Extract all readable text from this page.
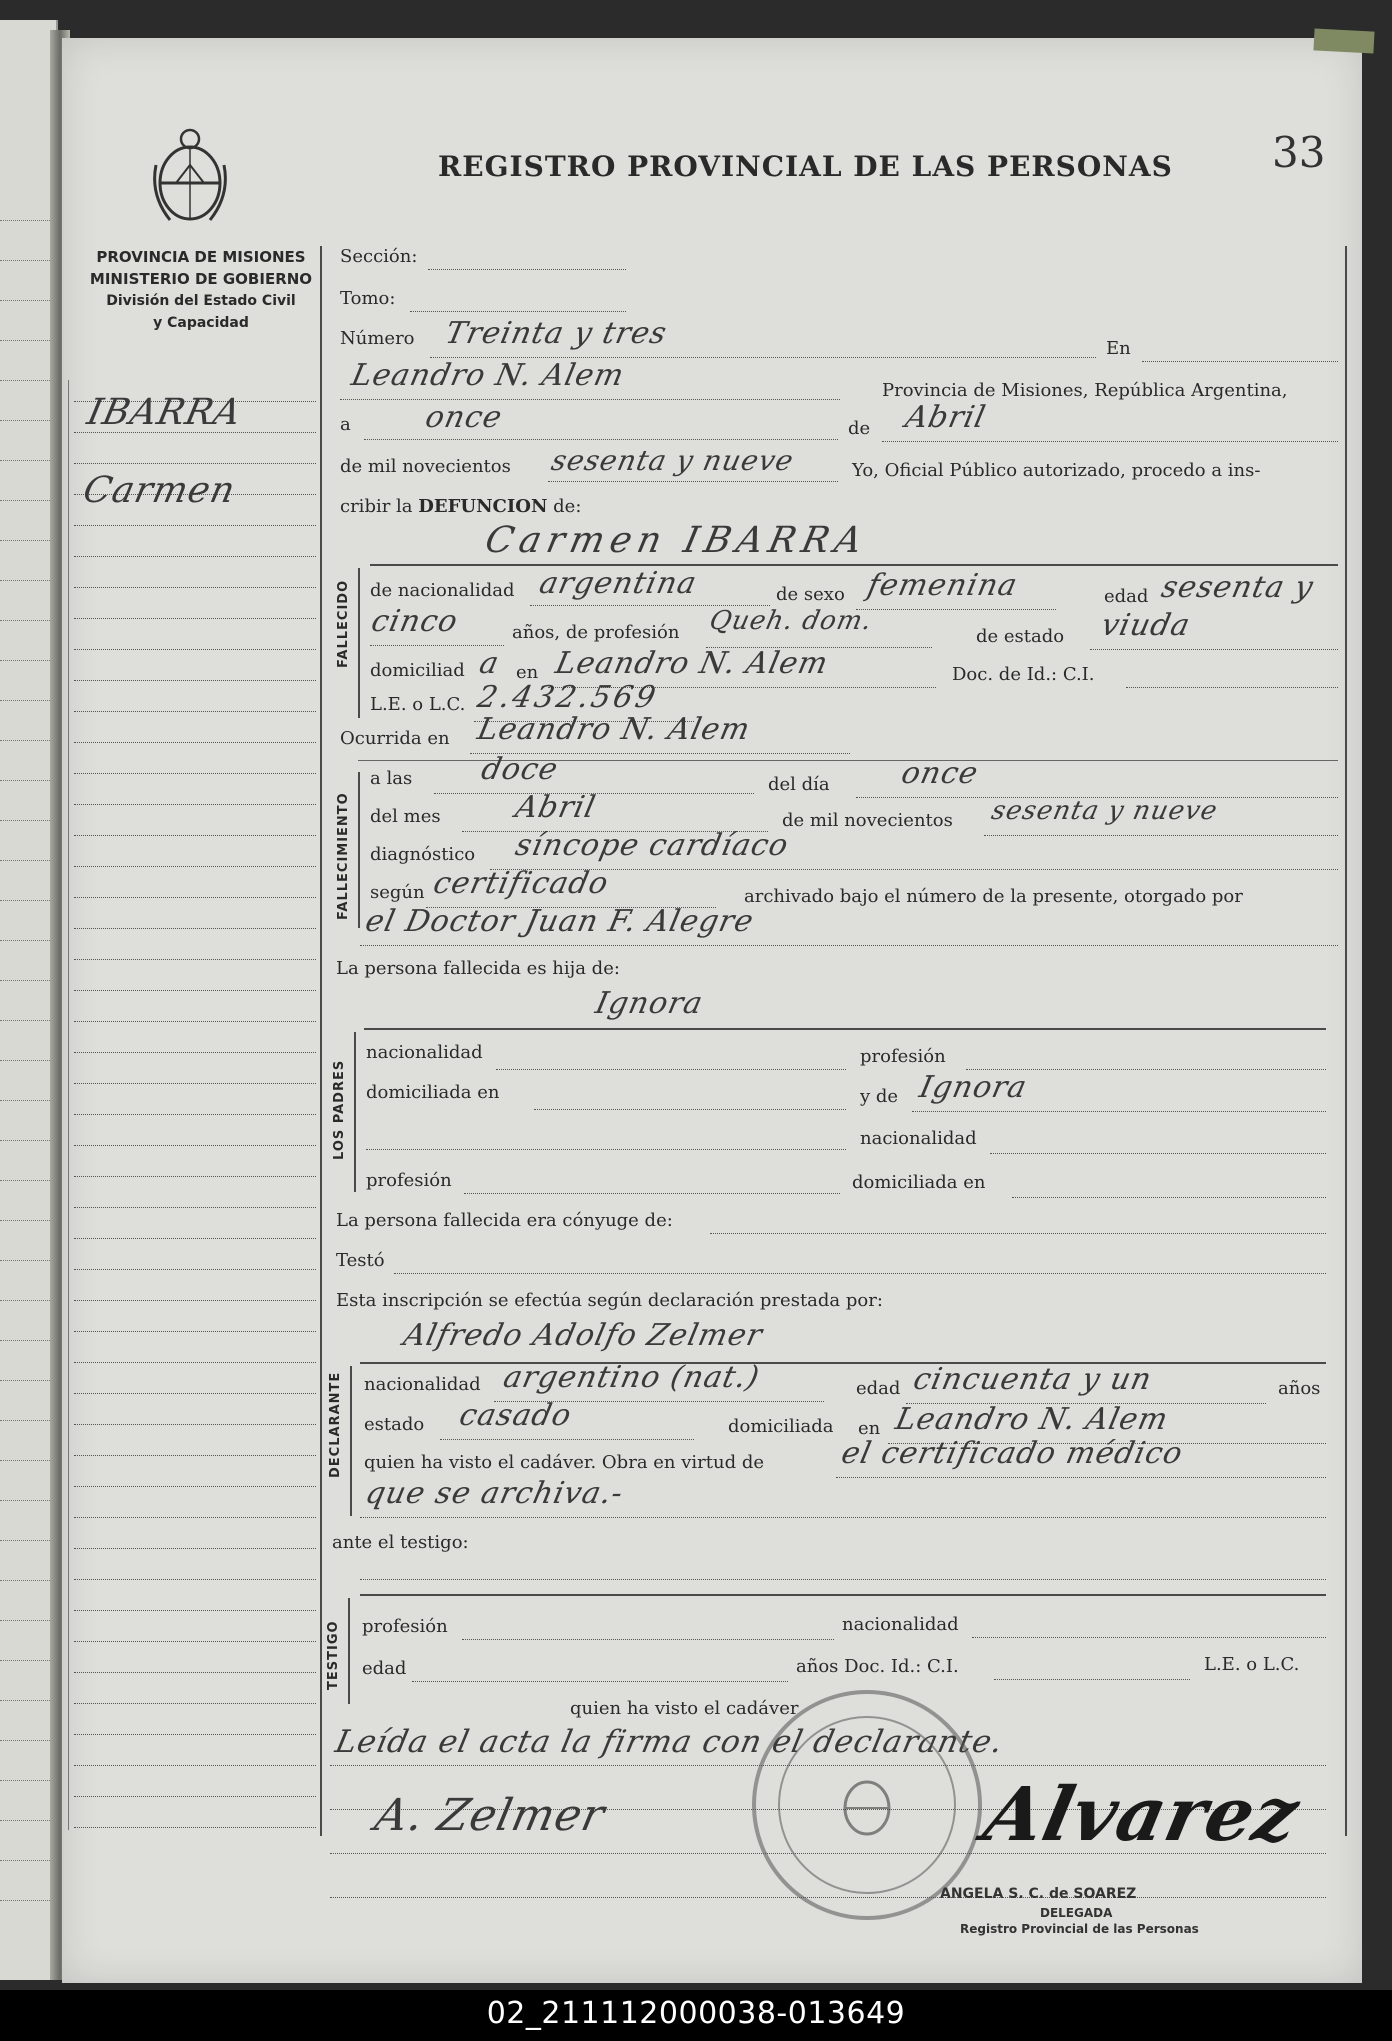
PROVINCIA DE MISIONES
MINISTERIO DE GOBIERNO
División del Estado Civil
y Capacidad
REGISTRO PROVINCIAL DE LAS PERSONAS 33
IBARRA
Carmen
Sección:
Tomo:
Número Treinta y tres	En
Leandro N. Alem	Provincia de Misiones, República Argentina,
a once	de Abril
de mil novecientos sesenta y nueve	Yo, Oficial Público autorizado, procedo a ins-
cribir la DEFUNCION de:
Carmen IBARRA
FALLECIDO de nacionalidad argentina	de sexo femenina	edad sesenta y
cinco	años, de profesión Queh. dom.
de estado viuda
domiciliad a en Leandro N. Alem	Doc. de Id.: C.I.
L.E. o L.C. 2.432.569
Ocurrida en Leandro N. Alem
FALLECIMIENTO
a las doce	del día once
del mes Abril	de mil novecientos sesenta y nueve
diagnóstico síncope cardíaco
según certificado	archivado bajo el número de la presente, otorgado por
el Doctor Juan F. Alegre
La persona fallecida es hija de:
Ignora
LOS PADRES
nacionalidad	profesión
domiciliada en	y de Ignora
nacionalidad
profesión	domiciliada en
La persona fallecida era cónyuge de:
Testó
Esta inscripción se efectúa según declaración prestada por:
Alfredo Adolfo Zelmer
DECLARANTE nacionalidad argentino (nat.)	edad cincuenta y un	años
estado casado	domiciliada en Leandro N. Alem
quien ha visto el cadáver. Obra en virtud de el certificado médico
que se archiva.-
ante el testigo:
TESTIGO profesión	nacionalidad
edad	años Doc. Id.: C.I.	L.E. o L.C.
quien ha visto el cadáver
Leída el acta la firma con el declarante.
A. Zelmer	Alvarez
ANGELA S. C. de SOAREZ
DELEGADA
Registro Provincial de las Personas
02_211112000038-013649
